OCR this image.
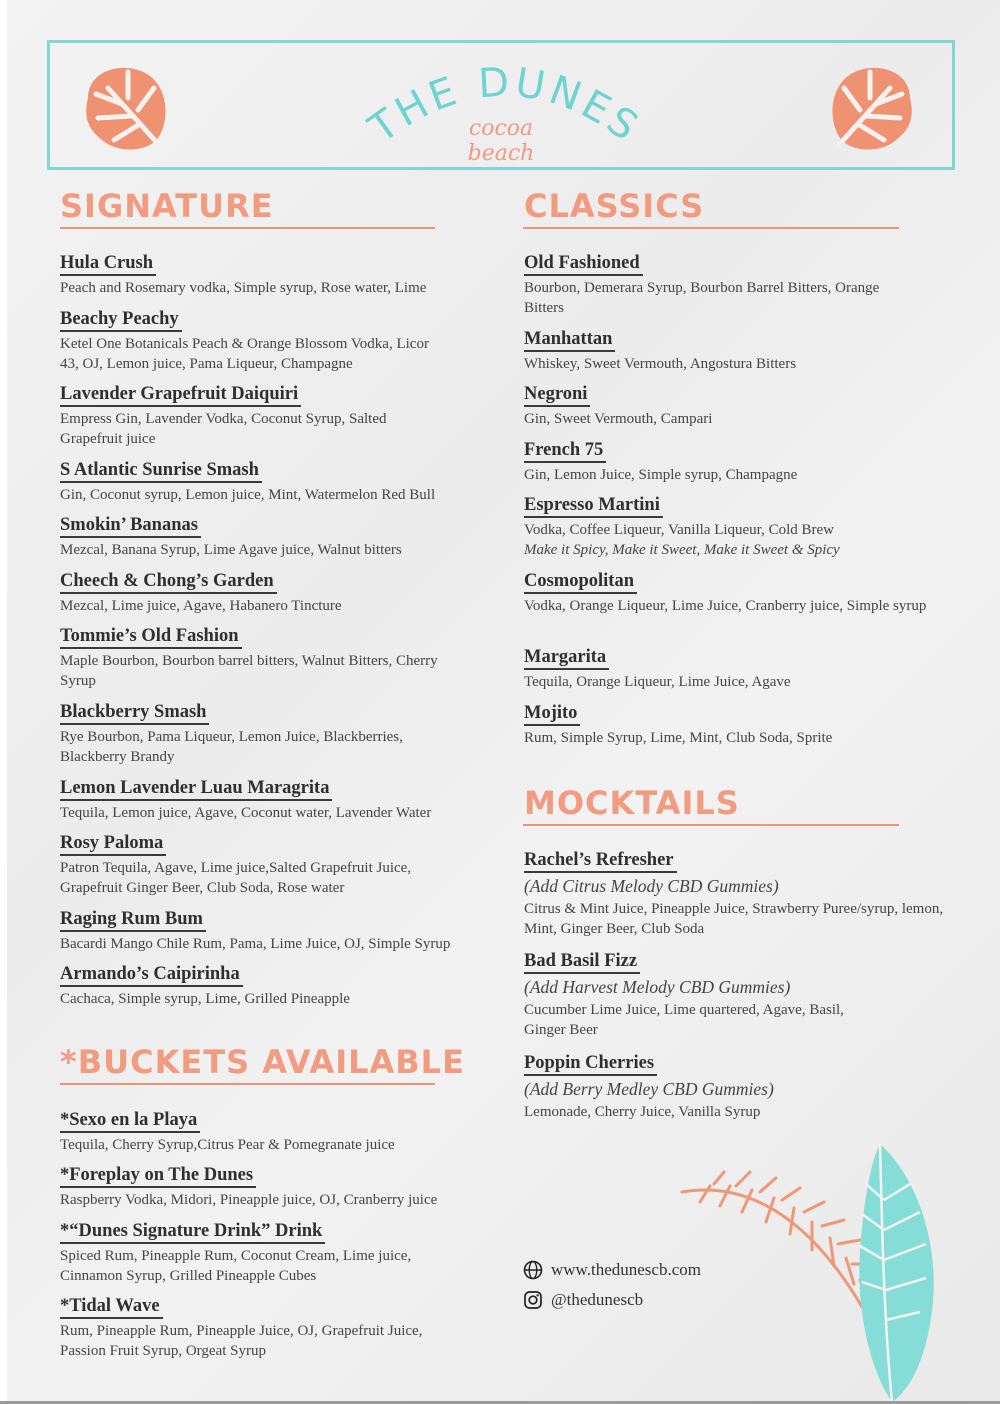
THE DUNES
cocoa beach
SIGNATURE	CLASSICS
*BUCKETS AVAILABLE
MOCKTAILS
Hula Crush
Peach and Rosemary vodka, Simple syrup, Rose water, Lime
Beachy Peachy
Ketel One Botanicals Peach & Orange Blossom Vodka, Licor 43, OJ, Lemon juice, Pama Liqueur, Champagne
Lavender Grapefruit Daiquiri
Empress Gin, Lavender Vodka, Coconut Syrup, Salted Grapefruit juice
S Atlantic Sunrise Smash
Gin, Coconut syrup, Lemon juice, Mint, Watermelon Red Bull
Smokin’ Bananas
Mezcal, Banana Syrup, Lime Agave juice, Walnut bitters
Cheech & Chong’s Garden
Mezcal, Lime juice, Agave, Habanero Tincture
Tommie’s Old Fashion
Maple Bourbon, Bourbon barrel bitters, Walnut Bitters, Cherry Syrup
Blackberry Smash
Rye Bourbon, Pama Liqueur, Lemon Juice, Blackberries, Blackberry Brandy
Lemon Lavender Luau Maragrita
Tequila, Lemon juice, Agave, Coconut water, Lavender Water
Rosy Paloma
Patron Tequila, Agave, Lime juice,Salted Grapefruit Juice, Grapefruit Ginger Beer, Club Soda, Rose water
Raging Rum Bum
Bacardi Mango Chile Rum, Pama, Lime Juice, OJ, Simple Syrup
Armando’s Caipirinha
Cachaca, Simple syrup, Lime, Grilled Pineapple
*Sexo en la Playa
Tequila, Cherry Syrup,Citrus Pear & Pomegranate juice
*Foreplay on The Dunes
Raspberry Vodka, Midori, Pineapple juice, OJ, Cranberry juice
*“Dunes Signature Drink” Drink
Spiced Rum, Pineapple Rum, Coconut Cream, Lime juice, Cinnamon Syrup, Grilled Pineapple Cubes
*Tidal Wave
Rum, Pineapple Rum, Pineapple Juice, OJ, Grapefruit Juice, Passion Fruit Syrup, Orgeat Syrup
Old Fashioned
Bourbon, Demerara Syrup, Bourbon Barrel Bitters, Orange Bitters
Manhattan
Whiskey, Sweet Vermouth, Angostura Bitters
Negroni
Gin, Sweet Vermouth, Campari
French 75
Gin, Lemon Juice, Simple syrup, Champagne
Espresso Martini
Vodka, Coffee Liqueur, Vanilla Liqueur, Cold Brew
Make it Spicy, Make it Sweet, Make it Sweet & Spicy
Cosmopolitan
Vodka, Orange Liqueur, Lime Juice, Cranberry juice, Simple syrup
Margarita
Tequila, Orange Liqueur, Lime Juice, Agave
Mojito
Rum, Simple Syrup, Lime, Mint, Club Soda, Sprite
Rachel’s Refresher
(Add Citrus Melody CBD Gummies)
Citrus & Mint Juice, Pineapple Juice, Strawberry Puree/syrup, lemon, Mint, Ginger Beer, Club Soda
Bad Basil Fizz
(Add Harvest Melody CBD Gummies)
Cucumber Lime Juice, Lime quartered, Agave, Basil, Ginger Beer
Poppin Cherries
(Add Berry Medley CBD Gummies)
Lemonade, Cherry Juice, Vanilla Syrup
www.thedunescb.com
@thedunescb
